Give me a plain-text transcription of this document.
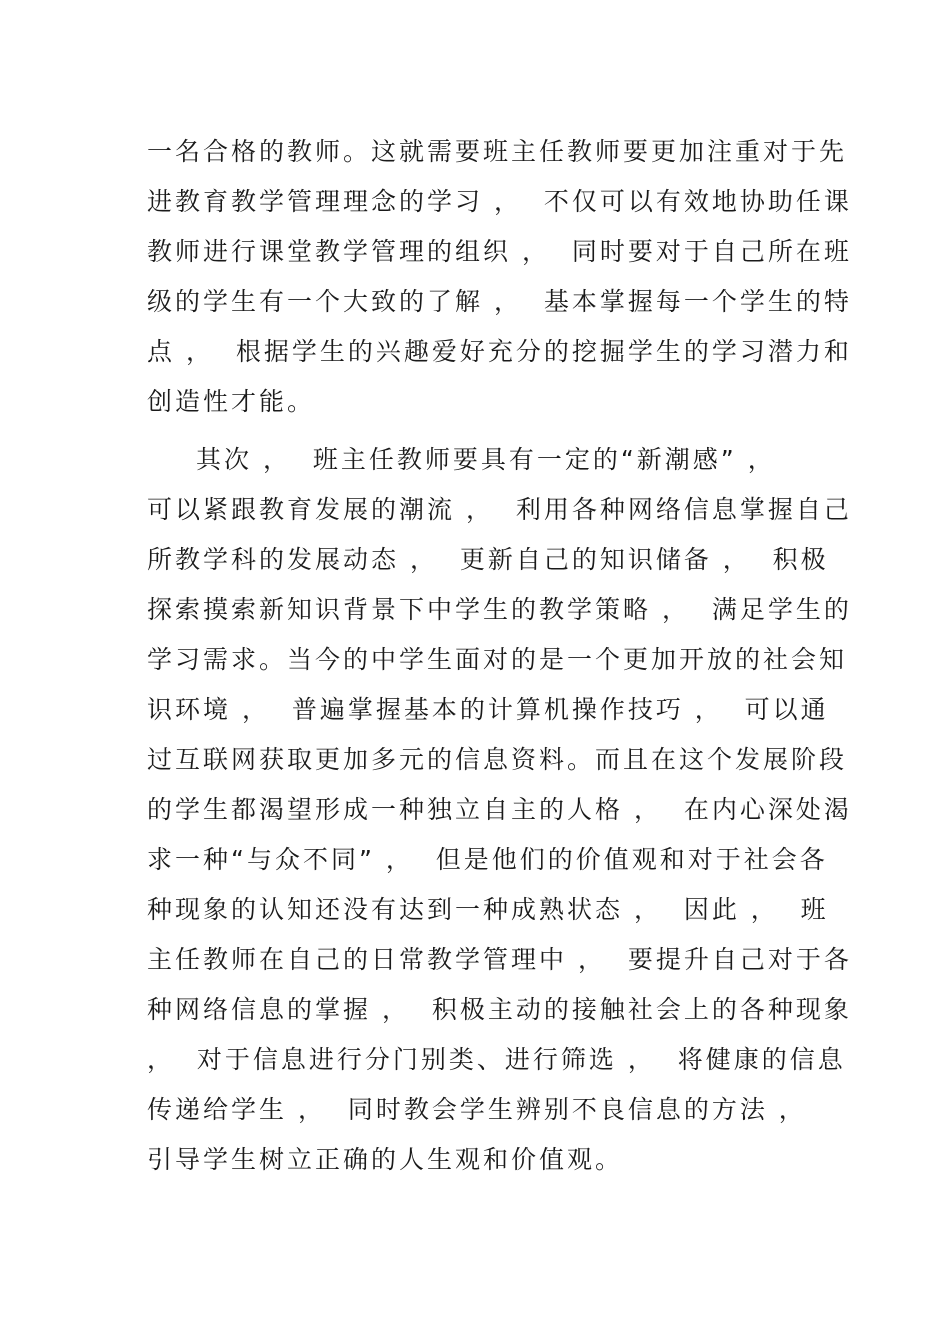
一名合格的教师。这就需要班主任教师要更加注重对于先
进教育教学管理理念的学习 ，  不仅可以有效地协助任课
教师进行课堂教学管理的组织 ，  同时要对于自己所在班
级的学生有一个大致的了解 ，  基本掌握每一个学生的特
点 ，  根据学生的兴趣爱好充分的挖掘学生的学习潜力和
创造性才能。
其次 ，  班主任教师要具有一定的“新潮感” ，
可以紧跟教育发展的潮流 ，  利用各种网络信息掌握自己
所教学科的发展动态 ，  更新自己的知识储备 ，  积极
探索摸索新知识背景下中学生的教学策略 ，  满足学生的
学习需求。当今的中学生面对的是一个更加开放的社会知
识环境 ，  普遍掌握基本的计算机操作技巧 ，  可以通
过互联网获取更加多元的信息资料。而且在这个发展阶段
的学生都渴望形成一种独立自主的人格 ，  在内心深处渴
求一种“与众不同” ，  但是他们的价值观和对于社会各
种现象的认知还没有达到一种成熟状态 ，  因此 ，  班
主任教师在自己的日常教学管理中 ，  要提升自己对于各
种网络信息的掌握 ，  积极主动的接触社会上的各种现象
，  对于信息进行分门别类、进行筛选 ，  将健康的信息
传递给学生 ，  同时教会学生辨别不良信息的方法 ，
引导学生树立正确的人生观和价值观。
